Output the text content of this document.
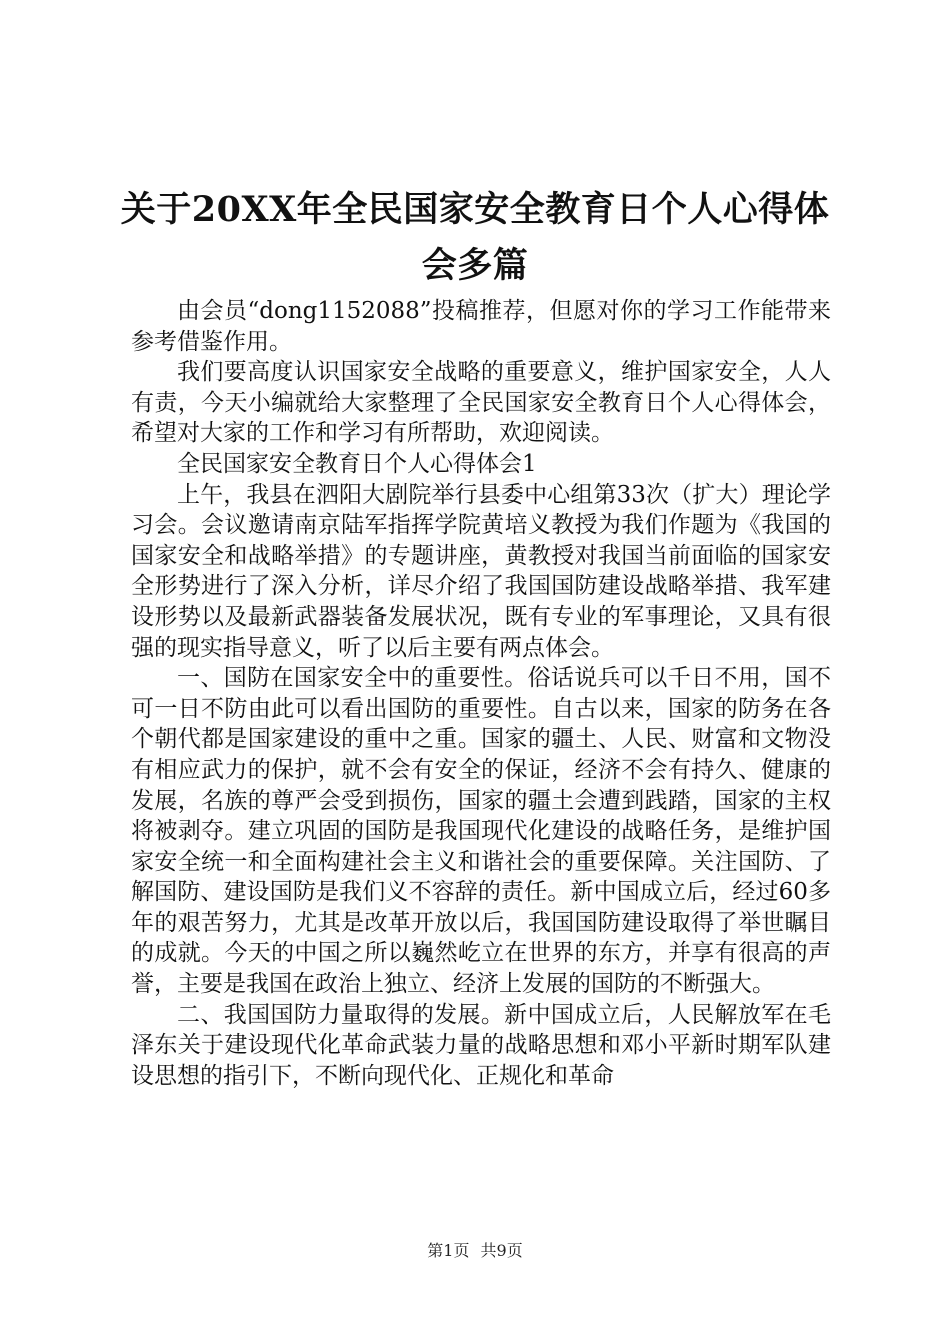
关于20XX年全民国家安全教育日个人心得体会多篇

由会员“dong1152088”投稿推荐，但愿对你的学习工作能带来参考借鉴作用。

我们要高度认识国家安全战略的重要意义，维护国家安全，人人有责，今天小编就给大家整理了全民国家安全教育日个人心得体会，希望对大家的工作和学习有所帮助，欢迎阅读。

全民国家安全教育日个人心得体会1

上午，我县在泗阳大剧院举行县委中心组第33次（扩大）理论学习会。会议邀请南京陆军指挥学院黄培义教授为我们作题为《我国的国家安全和战略举措》的专题讲座，黄教授对我国当前面临的国家安全形势进行了深入分析，详尽介绍了我国国防建设战略举措、我军建设形势以及最新武器装备发展状况，既有专业的军事理论，又具有很强的现实指导意义，听了以后主要有两点体会。

一、国防在国家安全中的重要性。俗话说兵可以千日不用，国不可一日不防由此可以看出国防的重要性。自古以来，国家的防务在各个朝代都是国家建设的重中之重。国家的疆土、人民、财富和文物没有相应武力的保护，就不会有安全的保证，经济不会有持久、健康的发展，名族的尊严会受到损伤，国家的疆土会遭到践踏，国家的主权将被剥夺。建立巩固的国防是我国现代化建设的战略任务，是维护国家安全统一和全面构建社会主义和谐社会的重要保障。关注国防、了解国防、建设国防是我们义不容辞的责任。新中国成立后，经过60多年的艰苦努力，尤其是改革开放以后，我国国防建设取得了举世瞩目的成就。今天的中国之所以巍然屹立在世界的东方，并享有很高的声誉，主要是我国在政治上独立、经济上发展的国防的不断强大。

二、我国国防力量取得的发展。新中国成立后，人民解放军在毛泽东关于建设现代化革命武装力量的战略思想和邓小平新时期军队建设思想的指引下，不断向现代化、正规化和革命

第1页 共9页
